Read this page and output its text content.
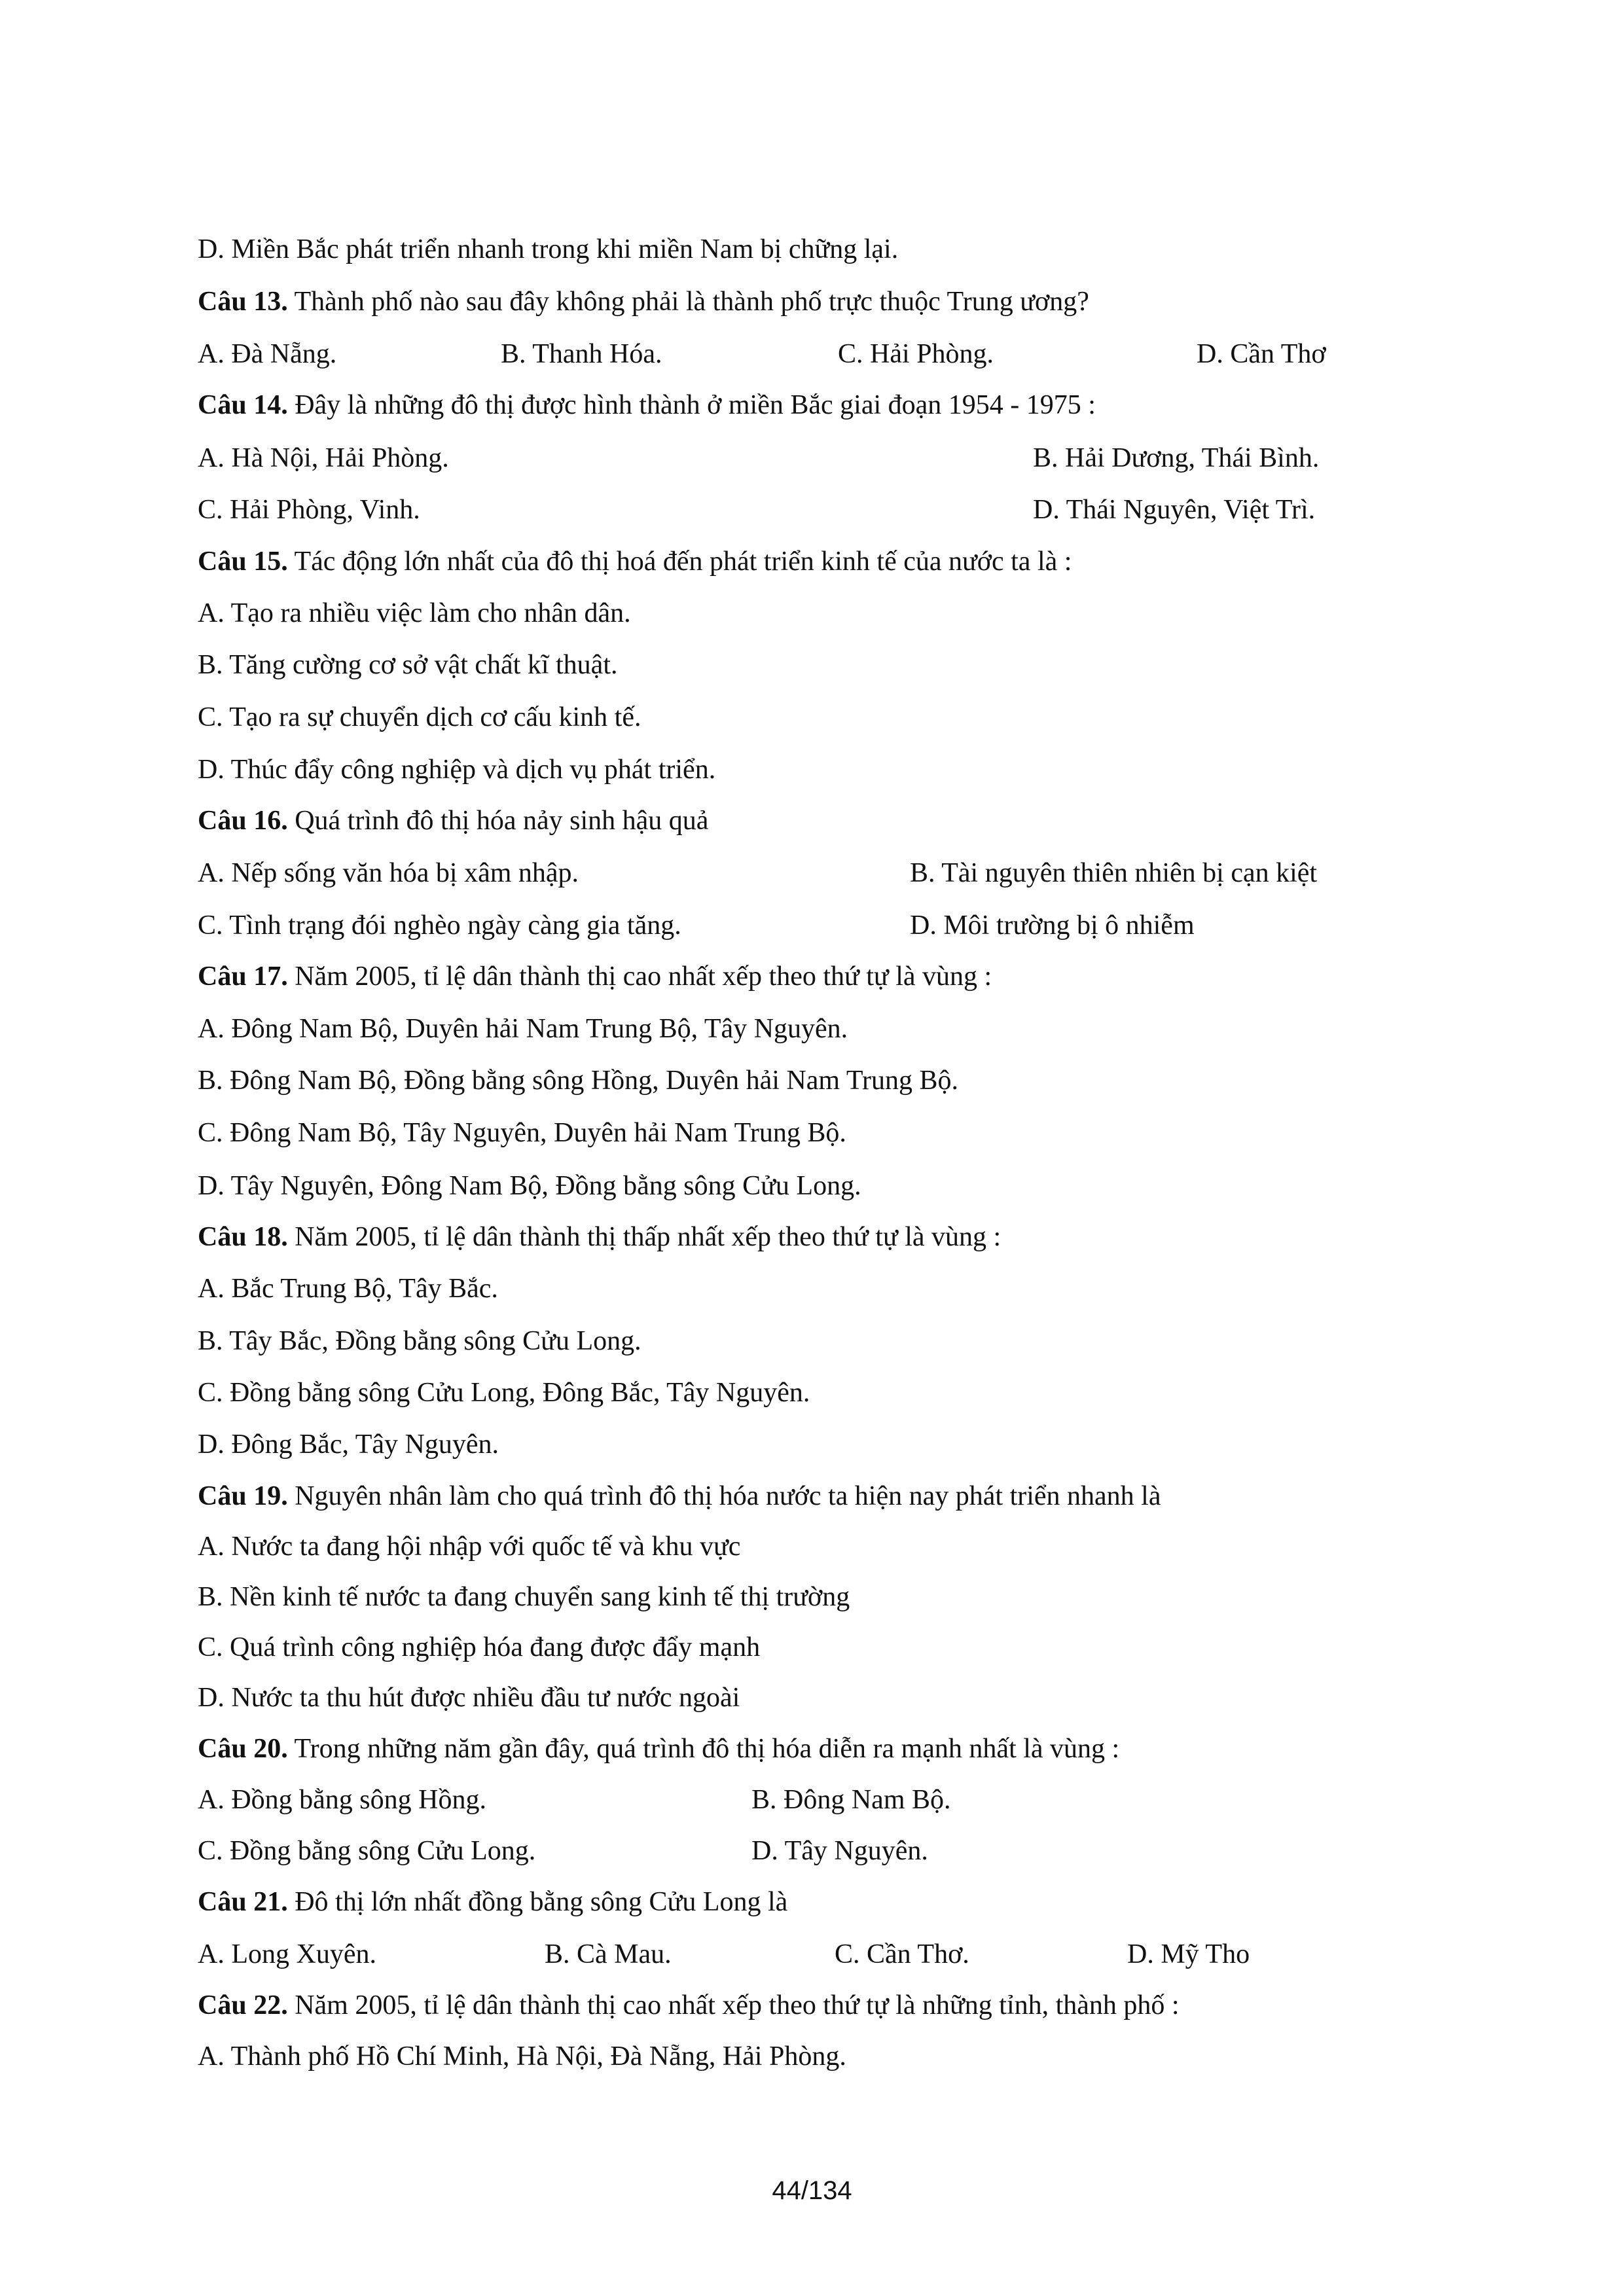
D. Miền Bắc phát triển nhanh trong khi miền Nam bị chững lại.
Câu 13. Thành phố nào sau đây không phải là thành phố trực thuộc Trung ương?
A. Đà Nẵng.	B. Thanh Hóa.	C. Hải Phòng.	D. Cần Thơ
Câu 14. Đây là những đô thị được hình thành ở miền Bắc giai đoạn 1954 - 1975 :
A. Hà Nội, Hải Phòng.	B. Hải Dương, Thái Bình.
C. Hải Phòng, Vinh.	D. Thái Nguyên, Việt Trì.
Câu 15. Tác động lớn nhất của đô thị hoá đến phát triển kinh tế của nước ta là :
A. Tạo ra nhiều việc làm cho nhân dân.
B. Tăng cường cơ sở vật chất kĩ thuật.
C. Tạo ra sự chuyển dịch cơ cấu kinh tế.
D. Thúc đẩy công nghiệp và dịch vụ phát triển.
Câu 16. Quá trình đô thị hóa nảy sinh hậu quả
A. Nếp sống văn hóa bị xâm nhập.	B. Tài nguyên thiên nhiên bị cạn kiệt
C. Tình trạng đói nghèo ngày càng gia tăng.	D. Môi trường bị ô nhiễm
Câu 17. Năm 2005, tỉ lệ dân thành thị cao nhất xếp theo thứ tự là vùng :
A. Đông Nam Bộ, Duyên hải Nam Trung Bộ, Tây Nguyên.
B. Đông Nam Bộ, Đồng bằng sông Hồng, Duyên hải Nam Trung Bộ.
C. Đông Nam Bộ, Tây Nguyên, Duyên hải Nam Trung Bộ.
D. Tây Nguyên, Đông Nam Bộ, Đồng bằng sông Cửu Long.
Câu 18. Năm 2005, tỉ lệ dân thành thị thấp nhất xếp theo thứ tự là vùng :
A. Bắc Trung Bộ, Tây Bắc.
B. Tây Bắc, Đồng bằng sông Cửu Long.
C. Đồng bằng sông Cửu Long, Đông Bắc, Tây Nguyên.
D. Đông Bắc, Tây Nguyên.
Câu 19. Nguyên nhân làm cho quá trình đô thị hóa nước ta hiện nay phát triển nhanh là
A. Nước ta đang hội nhập với quốc tế và khu vực
B. Nền kinh tế nước ta đang chuyển sang kinh tế thị trường
C. Quá trình công nghiệp hóa đang được đẩy mạnh
D. Nước ta thu hút được nhiều đầu tư nước ngoài
Câu 20. Trong những năm gần đây, quá trình đô thị hóa diễn ra mạnh nhất là vùng :
A. Đồng bằng sông Hồng.	B. Đông Nam Bộ.
C. Đồng bằng sông Cửu Long.	D. Tây Nguyên.
Câu 21. Đô thị lớn nhất đồng bằng sông Cửu Long là
A. Long Xuyên.	B. Cà Mau.	C. Cần Thơ.	D. Mỹ Tho
Câu 22. Năm 2005, tỉ lệ dân thành thị cao nhất xếp theo thứ tự là những tỉnh, thành phố :
A. Thành phố Hồ Chí Minh, Hà Nội, Đà Nẵng, Hải Phòng.
44/134
